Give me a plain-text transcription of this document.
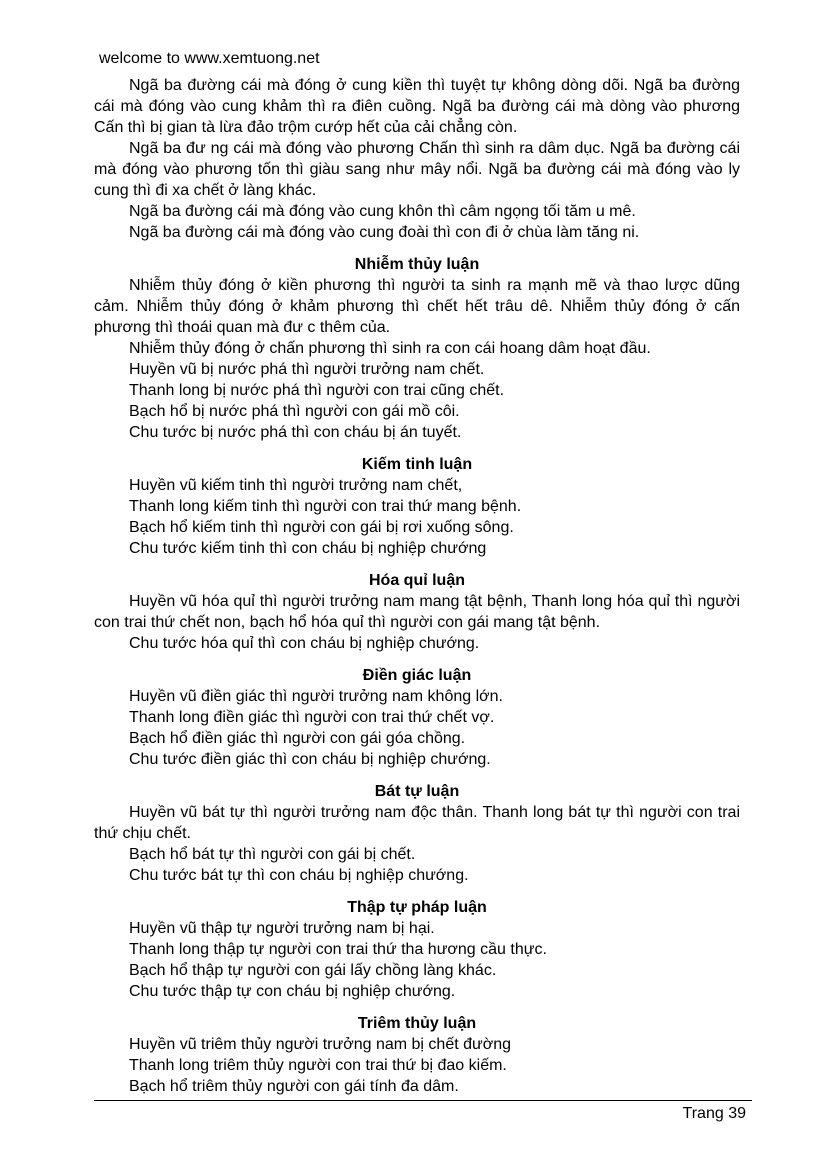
welcome to www.xemtuong.net

Ngã ba đường cái mà đóng ở cung kiền thì tuyệt tự không dòng dõi. Ngã ba đường cái mà đóng vào cung khảm thì ra điên cuồng. Ngã ba đường cái mà dòng vào phương Cấn thì bị gian tà lừa đảo trộm cướp hết của cải chẳng còn.

Ngã ba đư ng cái mà đóng vào phương Chấn thì sinh ra dâm dục. Ngã ba đường cái mà đóng vào phương tốn thì giàu sang như mây nổi. Ngã ba đường cái mà đóng vào ly cung thì đi xa chết ở làng khác.

Ngã ba đường cái mà đóng vào cung khôn thì câm ngọng tối tăm u mê.

Ngã ba đường cái mà đóng vào cung đoài thì con đi ở chùa làm tăng ni.

Nhiễm thủy luận

Nhiễm thủy đóng ở kiền phương thì người ta sinh ra mạnh mẽ và thao lược dũng cảm. Nhiễm thủy đóng ở khảm phương thì chết hết trâu dê. Nhiễm thủy đóng ở cấn phương thì thoái quan mà đư c thêm của.

Nhiễm thủy đóng ở chấn phương thì sinh ra con cái hoang dâm hoạt đầu.

Huyền vũ bị nước phá thì người trưởng nam chết.

Thanh long bị nước phá thì người con trai cũng chết.

Bạch hổ bị nước phá thì người con gái mồ côi.

Chu tước bị nước phá thì con cháu bị án tuyết.

Kiếm tinh luận

Huyền vũ kiếm tinh thì người trưởng nam chết,

Thanh long kiếm tinh thì người con trai thứ mang bệnh.

Bạch hổ kiếm tinh thì người con gái bị rơi xuống sông.

Chu tước kiếm tinh thì con cháu bị nghiệp chướng

Hóa quỉ luận

Huyền vũ hóa quỉ thì người trưởng nam mang tật bệnh, Thanh long hóa quỉ thì người con trai thứ chết non, bạch hổ hóa quỉ thì người con gái mang tật bệnh.

Chu tước hóa quỉ thì con cháu bị nghiệp chướng.

Điền giác luận

Huyền vũ điền giác thì người trưởng nam không lớn.

Thanh long điền giác thì người con trai thứ chết vợ.

Bạch hổ điền giác thì người con gái góa chồng.

Chu tước điền giác thì con cháu bị nghiệp chướng.

Bát tự luận

Huyền vũ bát tự thì người trưởng nam độc thân. Thanh long bát tự thì người con trai thứ chịu chết.

Bạch hổ bát tự thì người con gái bị chết.

Chu tước bát tự thì con cháu bị nghiệp chướng.

Thập tự pháp luận

Huyền vũ thập tự người trưởng nam bị hại.

Thanh long thập tự người con trai thứ tha hương cầu thực.

Bạch hổ thập tự người con gái lấy chồng làng khác.

Chu tước thập tự con cháu bị nghiệp chướng.

Triêm thủy luận

Huyền vũ triêm thủy người trưởng nam bị chết đường

Thanh long triêm thủy người con trai thứ bị đao kiếm.

Bạch hổ triêm thủy người con gái tính đa dâm.

Trang 39
